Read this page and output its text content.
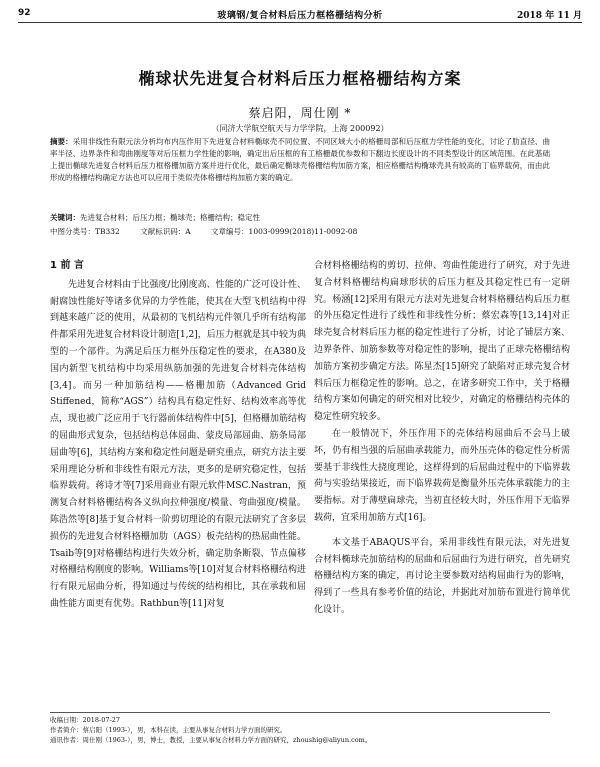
92	玻璃钢/复合材料后压力框格栅结构分析	2018 年 11 月
椭球状先进复合材料后压力框格栅结构方案
蔡启阳，周仕刚 *
（同济大学航空航天与力学学院，上海 200092）
摘要：采用非线性有限元法分析均布内压作用下先进复合材料椭球壳不同位置、不同区域大小的格栅局部和后压框力学性能的变化，讨论了肋直径、曲率半径、边界条件和弯曲刚度等对后压框力学性能的影响，确定出后压框的有工格栅最优参数和下翻边长度设计的不同类型设计的区域范围。在此基础上提出椭球先进复合材料后压力框格栅加筋方案并进行优化，最后确定椭球壳格栅结构加筋方案，相应格栅结构椭球壳具有较高的丁临界载荷，而由此形成的格栅结构确定方法也可以应用于类似壳体格栅结构加筋方案的确定。
关键词：先进复合材料；后压力框；椭球壳；格栅结构；稳定性
中图分类号：TB332	文献标识码：A	文章编号：1003-0999(2018)11-0092-08
1 前 言

先进复合材料由于比强度/比刚度高、性能的广泛可设计性、耐腐蚀性能好等诸多优异的力学性能，使其在大型飞机结构中得到越来越广泛的使用，从最初的飞机结构元件领几乎所有结构部件都采用先进复合材料设计制造[1,2]，后压力框就是其中较为典型的一个部件。为满足后压力框外压稳定性的要求，在A380及国内新型飞机结构中均采用纵筋加强的先进复合材料壳体结构[3,4]。而另一种加筋结构——格栅加筋（Advanced Grid Stiffened，简称“AGS”）结构具有稳定性好、结构效率高等优点，现也被广泛应用于飞行器前体结构件中[5]，但格栅加筋结构的屈曲形式复杂，包括结构总体屈曲、蒙皮局部屈曲、筋条局部屈曲等[6]，其结构方案和稳定性问题是研究重点，研究方法主要采用理论分析和非线性有限元方法，更多的是研究稳定性，包括临界载荷。蒋诗才等[7]采用商业有限元软件MSC.Nastran，预测复合材料格栅结构各义纵向拉伸强度/模量、弯曲强度/模量。陈浩然等[8]基于复合材料一阶剪切理论的有限元法研究了含多层损伤的先进复合材料格栅加肋（AGS）板壳结构的热屈曲性能。Tsaib等[9]对格栅结构进行失效分析，确定肋条断裂、节点偏移对格栅结构刚度的影响。Williams等[10]对复合材料格栅结构进行有限元屈曲分析，得知通过与传统的结构相比，其在承载和屈曲性能方面更有优势。Rathbun等[11]对复

合材料格栅结构的剪切、拉伸、弯曲性能进行了研究，对于先进复合材料格栅结构扁球形状的后压力框及其稳定性已有一定研究。杨涵[12]采用有限元方法对先进复合材料格栅结构后压力框的外压稳定性进行了线性和非线性分析；蔡宏森等[13,14]对正球壳复合材料后压力框的稳定性进行了分析，讨论了铺层方案、边界条件、加筋参数等对稳定性的影响，提出了正球壳格栅结构加筋方案初步确定方法。陈星杰[15]研究了缺陷对正球壳复合材料后压力框稳定性的影响。总之，在诸多研究工作中，关于格栅结构方案如何确定的研究相对比较少，对确定的格栅结构壳体的稳定性研究较多。

在一般情况下，外压作用下的壳体结构屈曲后不会马上破坏，仍有相当强的后屈曲承载能力，而外压壳体的稳定性分析需要基于非线性大挠度理论，这样得到的后屈曲过程中的下临界载荷与实验结果接近，而下临界载荷是衡量外压壳体承载能力的主要指标。对于薄壁扁球壳，当初直径较大时，外压作用下无临界载荷，宜采用加筋方式[16]。

本文基于ABAQUS平台，采用非线性有限元法，对先进复合材料椭球壳加筋结构的屈曲和后屈曲行为进行研究，首先研究格栅结构方案的确定，再讨论主要参数对结构屈曲行为的影响，得到了一些具有参考价值的结论，并据此对加筋布置进行简单优化设计。

收稿日期：2018-07-27
作者简介：蔡启阳（1993-），男，本科在读，主要从事复合材料力学方面的研究。
通讯作者：周仕刚（1963-），男，博士，教授，主要从事复合材料力学方面的研究，zhoushig@aliyun.com。
